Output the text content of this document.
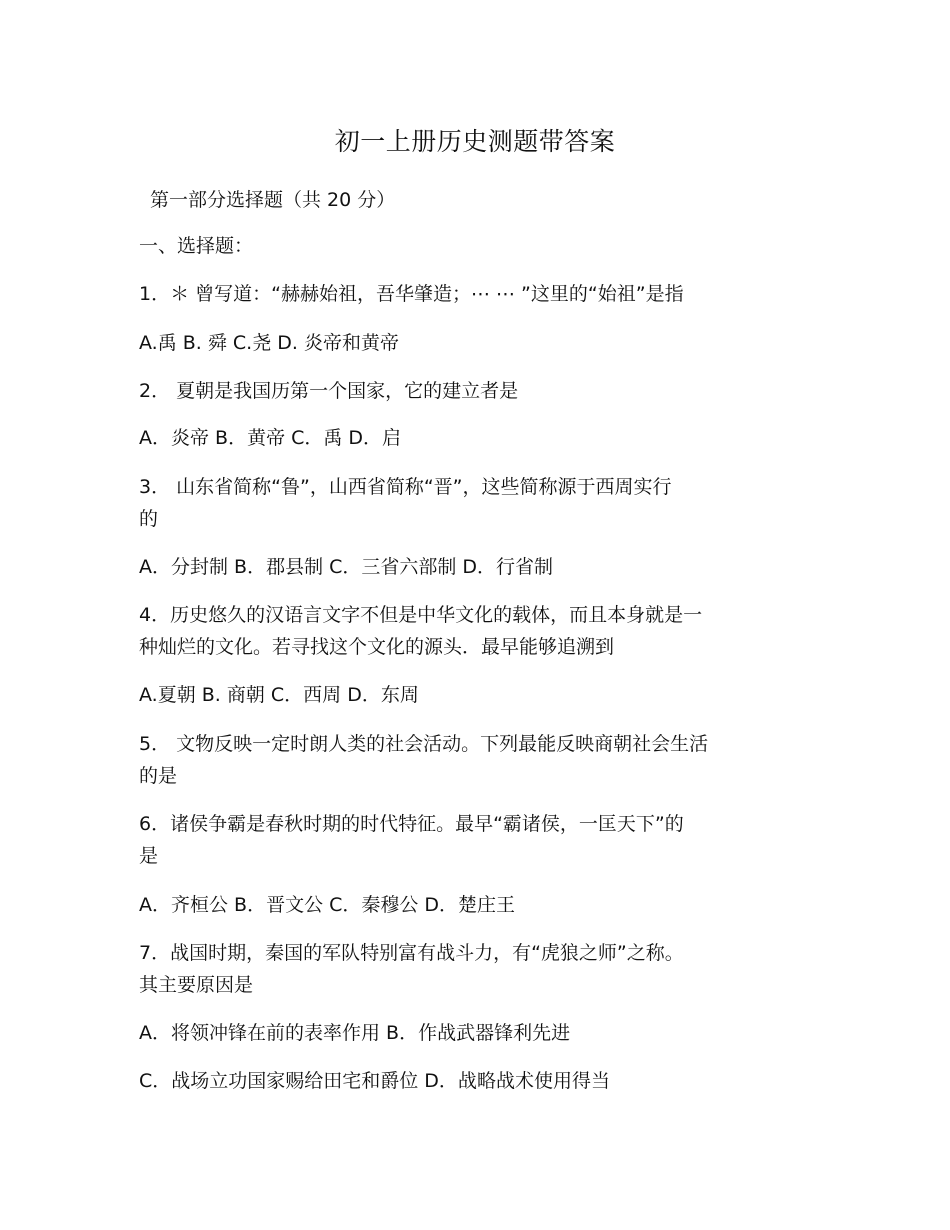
初一上册历史测题带答案
第一部分选择题（共 20 分）
一、选择题：
1．＊ 曾写道：“赫赫始祖，吾华肇造；⋯ ⋯ ”这里的“始祖”是指
A.禹 B. 舜 C.尧 D. 炎帝和黄帝
2． 夏朝是我国历第一个国家，它的建立者是
A．炎帝 B．黄帝 C．禹 D．启
3． 山东省简称“鲁”，山西省简称“晋”，这些简称源于西周实行
的
A．分封制 B．郡县制 C．三省六部制 D．行省制
4．历史悠久的汉语言文字不但是中华文化的载体，而且本身就是一
种灿烂的文化。若寻找这个文化的源头．最早能够追溯到
A.夏朝 B. 商朝 C．西周 D．东周
5． 文物反映一定时朗人类的社会活动。下列最能反映商朝社会生活
的是
6．诸侯争霸是春秋时期的时代特征。最早“霸诸侯，一匡天下”的
是
A．齐桓公 B．晋文公 C．秦穆公 D．楚庄王
7．战国时期，秦国的军队特别富有战斗力，有“虎狼之师”之称。
其主要原因是
A．将领冲锋在前的表率作用 B．作战武器锋利先进
C．战场立功国家赐给田宅和爵位 D．战略战术使用得当
